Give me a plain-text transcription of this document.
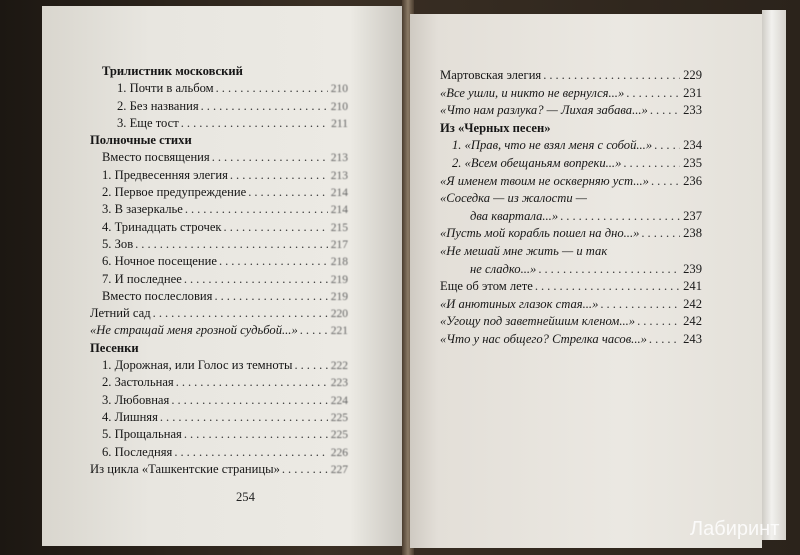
Трилистник московский
1. Почти в альбом .....	210
2. Без названия .....	210
3. Еще тост .....	211
Полночные стихи
Вместо посвящения .....	213
1. Предвесенняя элегия .....	213
2. Первое предупреждение .....	214
3. В зазеркалье .....	214
4. Тринадцать строчек .....	215
5. Зов .....	217
6. Ночное посещение .....	218
7. И последнее .....	219
Вместо послесловия .....	219
Летний сад .....	220
«Не стращай меня грозной судьбой...» .....	221
Песенки
1. Дорожная, или Голос из темноты .....	222
2. Застольная .....	223
3. Любовная .....	224
4. Лишняя .....	225
5. Прощальная .....	225
6. Последняя .....	226
Из цикла «Ташкентские страницы» .....	227
254
Мартовская элегия .....	229
«Все ушли, и никто не вернулся...» .....	231
«Что нам разлука? — Лихая забава...» .....	233
Из «Черных песен»
1. «Прав, что не взял меня с собой...» ..... 234
2. «Всем обещаньям вопреки...» .....	235
«Я именем твоим не оскверняю уст...» .....	236
«Соседка — из жалости —
два квартала...» .....	237
«Пусть мой корабль пошел на дно...» .....	238
«Не мешай мне жить — и так
не сладко...» .....	239
Еще об этом лете .....	241
«И анютиных глазок стая...» .....	242
«Угощу под заветнейшим кленом...» .....	242
«Что у нас общего? Стрелка часов...» .....	243
Лабиринт
